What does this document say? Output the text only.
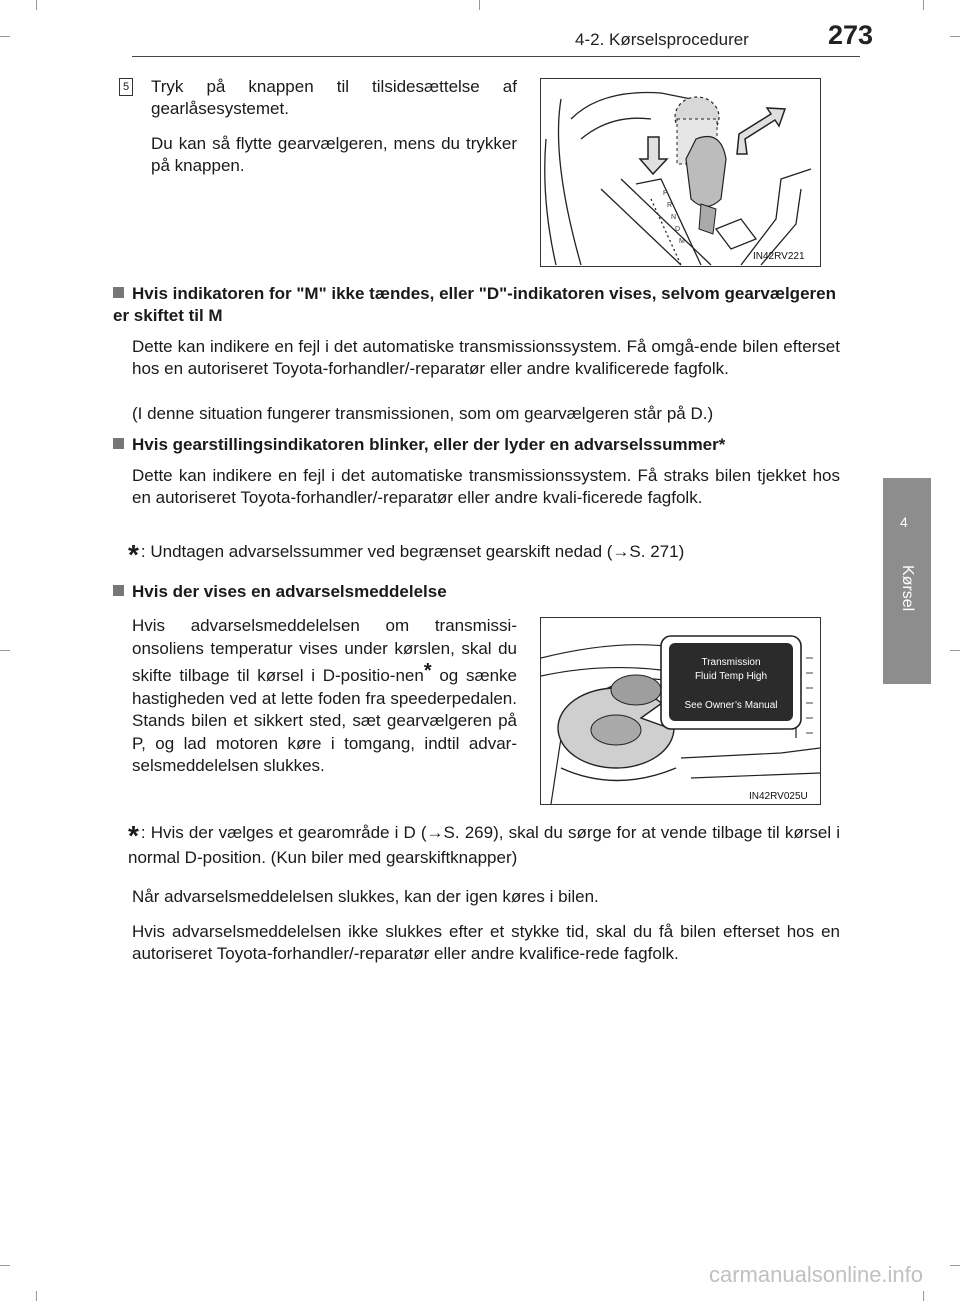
4-2. Kørselsprocedurer	273
4
Kørsel
5 Tryk på knappen til tilsidesættelse af gearlåsesystemet.
Du kan så flytte gearvælgeren, mens du trykker på knappen.
P
R
N
D
M
IN42RV221
Hvis indikatoren for "M" ikke tændes, eller "D"-indikatoren vises, selvom gearvælgeren er skiftet til M
Dette kan indikere en fejl i det automatiske transmissionssystem. Få omgå-ende bilen efterset hos en autoriseret Toyota-forhandler/-reparatør eller andre kvalificerede fagfolk.
(I denne situation fungerer transmissionen, som om gearvælgeren står på D.)
Hvis gearstillingsindikatoren blinker, eller der lyder en advarselssummer*
Dette kan indikere en fejl i det automatiske transmissionssystem. Få straks bilen tjekket hos en autoriseret Toyota-forhandler/-reparatør eller andre kvali-ficerede fagfolk.
* : Undtagen advarselssummer ved begrænset gearskift nedad (→S. 271)
Hvis der vises en advarselsmeddelelse
Hvis advarselsmeddelelsen om transmissi-onsoliens temperatur vises under kørslen, skal du skifte tilbage til kørsel i D-positio-nen* og sænke hastigheden ved at lette foden fra speederpedalen. Stands bilen et sikkert sted, sæt gearvælgeren på P, og lad motoren køre i tomgang, indtil advar-selsmeddelelsen slukkes.
Transmission
Fluid Temp High
See Owner’s Manual
IN42RV025U
* : Hvis der vælges et gearområde i D (→S. 269), skal du sørge for at vende tilbage til kørsel i normal D-position. (Kun biler med gearskiftknapper)
Når advarselsmeddelelsen slukkes, kan der igen køres i bilen.
Hvis advarselsmeddelelsen ikke slukkes efter et stykke tid, skal du få bilen efterset hos en autoriseret Toyota-forhandler/-reparatør eller andre kvalifice-rede fagfolk.
carmanualsonline.info
